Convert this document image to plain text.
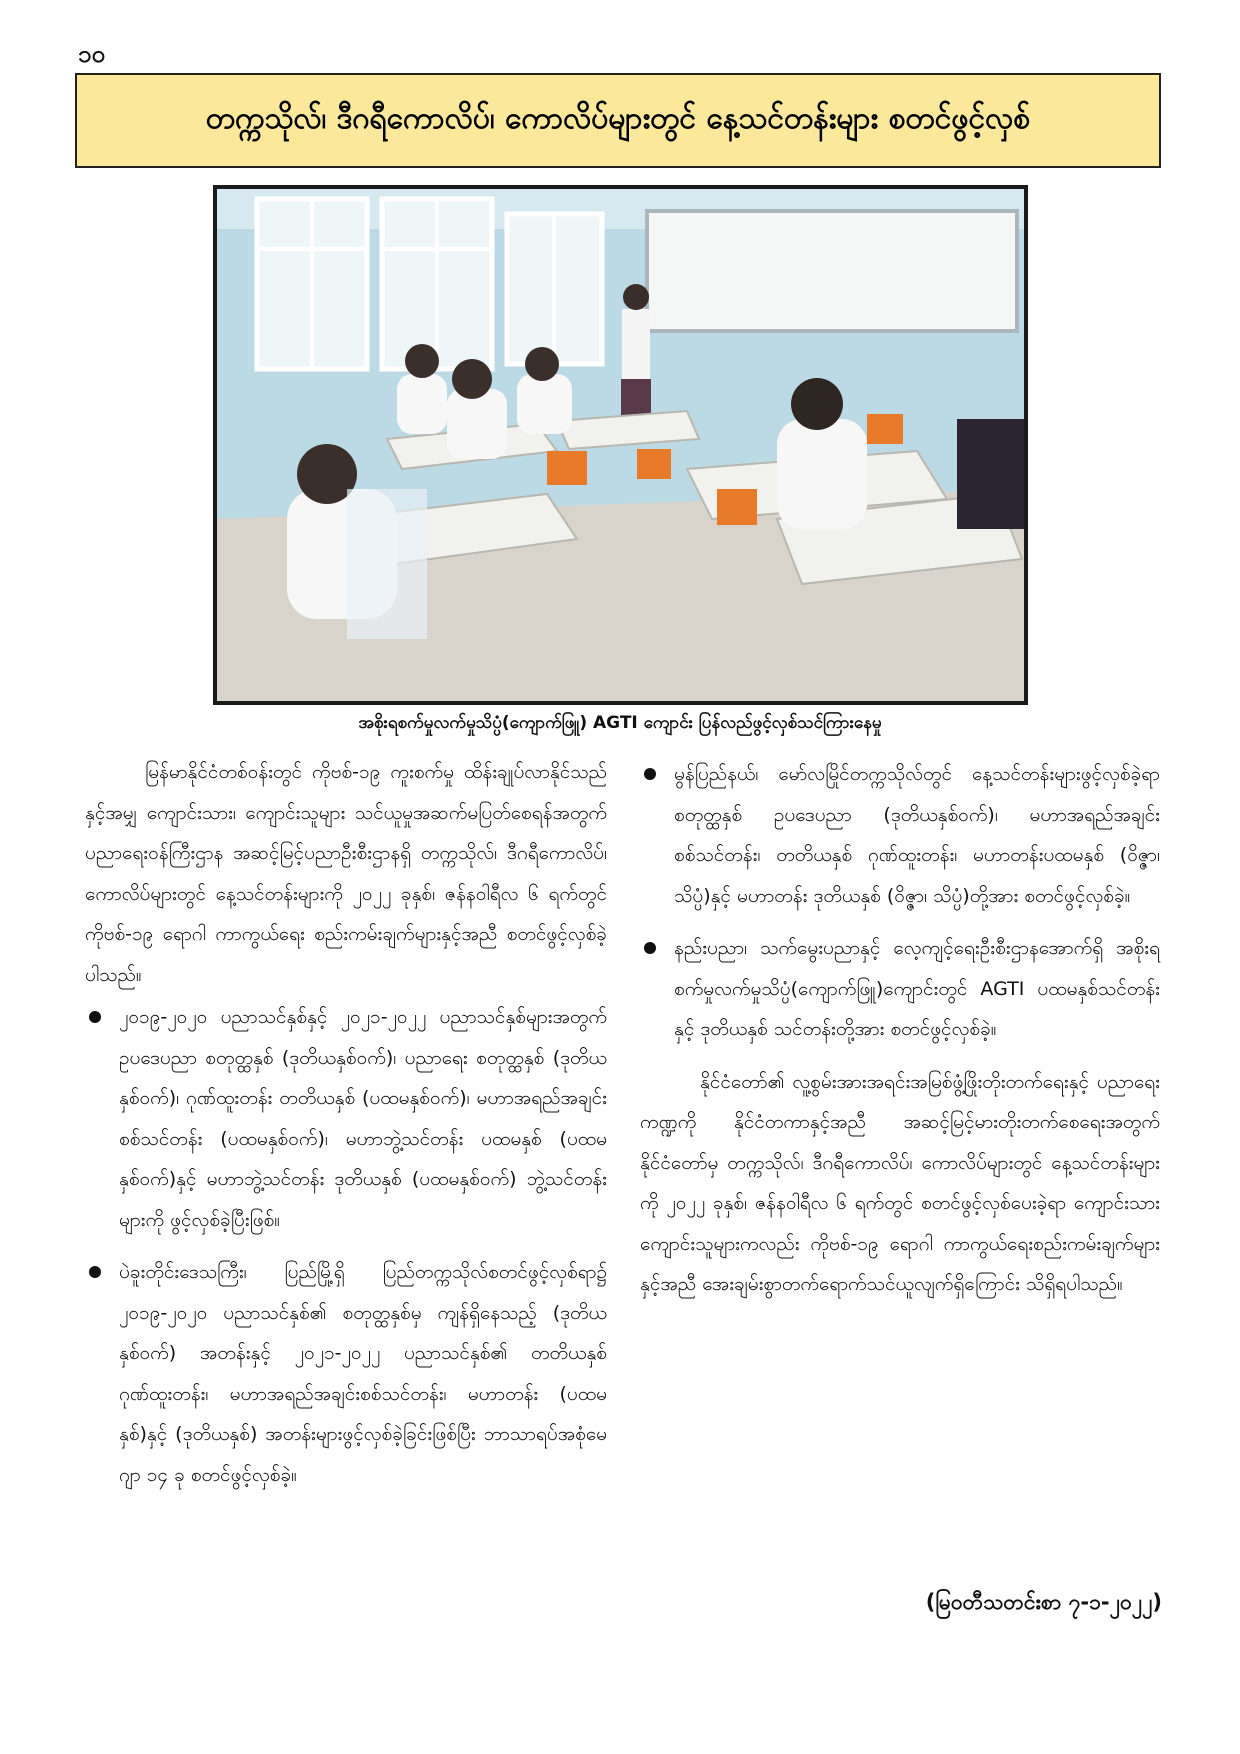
၁၀
တက္ကသိုလ်၊ ဒီဂရီကောလိပ်၊ ကောလိပ်များတွင် နေ့သင်တန်းများ စတင်ဖွင့်လှစ်
အစိုးရစက်မှုလက်မှုသိပ္ပံ(ကျောက်ဖြူ) AGTI ကျောင်း ပြန်လည်ဖွင့်လှစ်သင်ကြားနေမှု

မြန်မာနိုင်ငံတစ်ဝန်းတွင် ကိုဗစ်-၁၉ ကူးစက်မှု ထိန်းချုပ်လာနိုင်သည်နှင့်အမျှ ကျောင်းသား၊ ကျောင်းသူများ သင်ယူမှုအဆက်မပြတ်စေရန်အတွက် ပညာရေးဝန်ကြီးဌာန အဆင့်မြင့်ပညာဦးစီးဌာနရှိ တက္ကသိုလ်၊ ဒီဂရီကောလိပ်၊ ကောလိပ်များတွင် နေ့သင်တန်းများကို ၂၀၂၂ ခုနှစ်၊ ဇန်နဝါရီလ ၆ ရက်တွင် ကိုဗစ်-၁၉ ရောဂါ ကာကွယ်ရေး စည်းကမ်းချက်များနှင့်အညီ စတင်ဖွင့်လှစ်ခဲ့ပါသည်။

၂၀၁၉-၂၀၂၀ ပညာသင်နှစ်နှင့် ၂၀၂၁-၂၀၂၂ ပညာသင်နှစ်များအတွက် ဥပဒေပညာ စတုတ္ထနှစ် (ဒုတိယနှစ်ဝက်)၊ ပညာရေး စတုတ္ထနှစ် (ဒုတိယနှစ်ဝက်)၊ ဂုဏ်ထူးတန်း တတိယနှစ် (ပထမနှစ်ဝက်)၊ မဟာအရည်အချင်းစစ်သင်တန်း (ပထမနှစ်ဝက်)၊ မဟာဘွဲ့သင်တန်း ပထမနှစ် (ပထမနှစ်ဝက်)နှင့် မဟာဘွဲ့သင်တန်း ဒုတိယနှစ် (ပထမနှစ်ဝက်) ဘွဲ့သင်တန်းများကို ဖွင့်လှစ်ခဲ့ပြီးဖြစ်။
ပဲခူးတိုင်းဒေသကြီး၊ ပြည်မြို့ရှိ ပြည်တက္ကသိုလ်စတင်ဖွင့်လှစ်ရာ၌ ၂၀၁၉-၂၀၂၀ ပညာသင်နှစ်၏ စတုတ္ထနှစ်မှ ကျန်ရှိနေသည့် (ဒုတိယနှစ်ဝက်) အတန်းနှင့် ၂၀၂၁-၂၀၂၂ ပညာသင်နှစ်၏ တတိယနှစ် ဂုဏ်ထူးတန်း၊ မဟာအရည်အချင်းစစ်သင်တန်း၊ မဟာတန်း (ပထမနှစ်)နှင့် (ဒုတိယနှစ်) အတန်းများဖွင့်လှစ်ခဲ့ခြင်းဖြစ်ပြီး ဘာသာရပ်အစုံမေဂျာ ၁၄ ခု စတင်ဖွင့်လှစ်ခဲ့။
မွန်ပြည်နယ်၊ မော်လမြိုင်တက္ကသိုလ်တွင် နေ့သင်တန်းများဖွင့်လှစ်ခဲ့ရာ စတုတ္ထနှစ် ဥပဒေပညာ (ဒုတိယနှစ်ဝက်)၊ မဟာအရည်အချင်းစစ်သင်တန်း၊ တတိယနှစ် ဂုဏ်ထူးတန်း၊ မဟာတန်းပထမနှစ် (ဝိဇ္ဇာ၊ သိပ္ပံ)နှင့် မဟာတန်း ဒုတိယနှစ် (ဝိဇ္ဇာ၊ သိပ္ပံ)တို့အား စတင်ဖွင့်လှစ်ခဲ့။
နည်းပညာ၊ သက်မွေးပညာနှင့် လေ့ကျင့်ရေးဦးစီးဌာနအောက်ရှိ အစိုးရစက်မှုလက်မှုသိပ္ပံ(ကျောက်ဖြူ)ကျောင်းတွင် AGTI ပထမနှစ်သင်တန်းနှင့် ဒုတိယနှစ် သင်တန်းတို့အား စတင်ဖွင့်လှစ်ခဲ့။

နိုင်ငံတော်၏ လူ့စွမ်းအားအရင်းအမြစ်ဖွံ့ဖြိုးတိုးတက်ရေးနှင့် ပညာရေးကဏ္ဍကို နိုင်ငံတကာနှင့်အညီ အဆင့်မြင့်မားတိုးတက်စေရေးအတွက် နိုင်ငံတော်မှ တက္ကသိုလ်၊ ဒီဂရီကောလိပ်၊ ကောလိပ်များတွင် နေ့သင်တန်းများကို ၂၀၂၂ ခုနှစ်၊ ဇန်နဝါရီလ ၆ ရက်တွင် စတင်ဖွင့်လှစ်ပေးခဲ့ရာ ကျောင်းသားကျောင်းသူများကလည်း ကိုဗစ်-၁၉ ရောဂါ ကာကွယ်ရေးစည်းကမ်းချက်များနှင့်အညီ အေးချမ်းစွာတက်ရောက်သင်ယူလျက်ရှိကြောင်း သိရှိရပါသည်။

(မြဝတီသတင်းစာ ၇-၁-၂၀၂၂)
